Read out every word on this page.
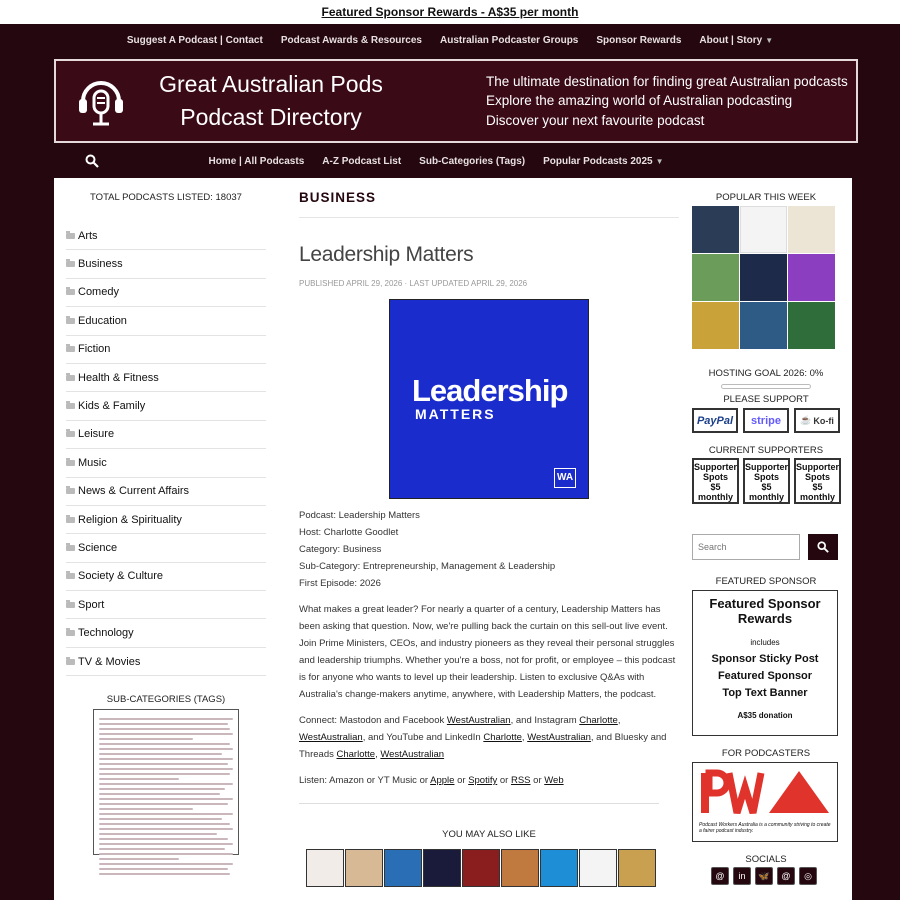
Featured Sponsor Rewards - A$35 per month
Suggest A Podcast | Contact	Podcast Awards & Resources	Australian Podcaster Groups	Sponsor Rewards	About | Story ▼
Great Australian Pods
Podcast Directory
The ultimate destination for finding great Australian podcasts
Explore the amazing world of Australian podcasting
Discover your next favourite podcast
Home | All Podcasts	A-Z Podcast List	Sub-Categories (Tags)	Popular Podcasts 2025 ▼
TOTAL PODCASTS LISTED: 18037
Arts
Business
Comedy
Education
Fiction
Health & Fitness
Kids & Family
Leisure
Music
News & Current Affairs
Religion & Spirituality
Science
Society & Culture
Sport
Technology
TV & Movies
SUB-CATEGORIES (TAGS)
BUSINESS
Leadership Matters
PUBLISHED APRIL 29, 2026 · LAST UPDATED APRIL 29, 2026
Leadership
MATTERS
WA
Podcast: Leadership Matters
Host: Charlotte Goodlet
Category: Business
Sub-Category: Entrepreneurship, Management & Leadership
First Episode: 2026
What makes a great leader? For nearly a quarter of a century, Leadership Matters has been asking that question. Now, we're pulling back the curtain on this sell-out live event. Join Prime Ministers, CEOs, and industry pioneers as they reveal their personal struggles and leadership triumphs. Whether you're a boss, not for profit, or employee – this podcast is for anyone who wants to level up their leadership. Listen to exclusive Q&As with Australia's change-makers anytime, anywhere, with Leadership Matters, the podcast.
Connect: Mastodon and Facebook WestAustralian, and Instagram Charlotte, WestAustralian, and YouTube and LinkedIn Charlotte, WestAustralian, and Bluesky and Threads Charlotte, WestAustralian
Listen: Amazon or YT Music or Apple or Spotify or RSS or Web
YOU MAY ALSO LIKE
POPULAR THIS WEEK
HOSTING GOAL 2026: 0%
PLEASE SUPPORT
PayPal	stripe	☕ Ko-fi
CURRENT SUPPORTERS
Supporter
Spots
$5
monthly
Supporter
Spots
$5
monthly
Supporter
Spots
$5
monthly
Search
FEATURED SPONSOR
Featured Sponsor Rewards
includes
Sponsor Sticky Post
Featured Sponsor
Top Text Banner
A$35 donation
FOR PODCASTERS
Podcast Workers Australia is a community striving to create a fairer podcast industry.
SOCIALS
@	in	🦋	@	◎
